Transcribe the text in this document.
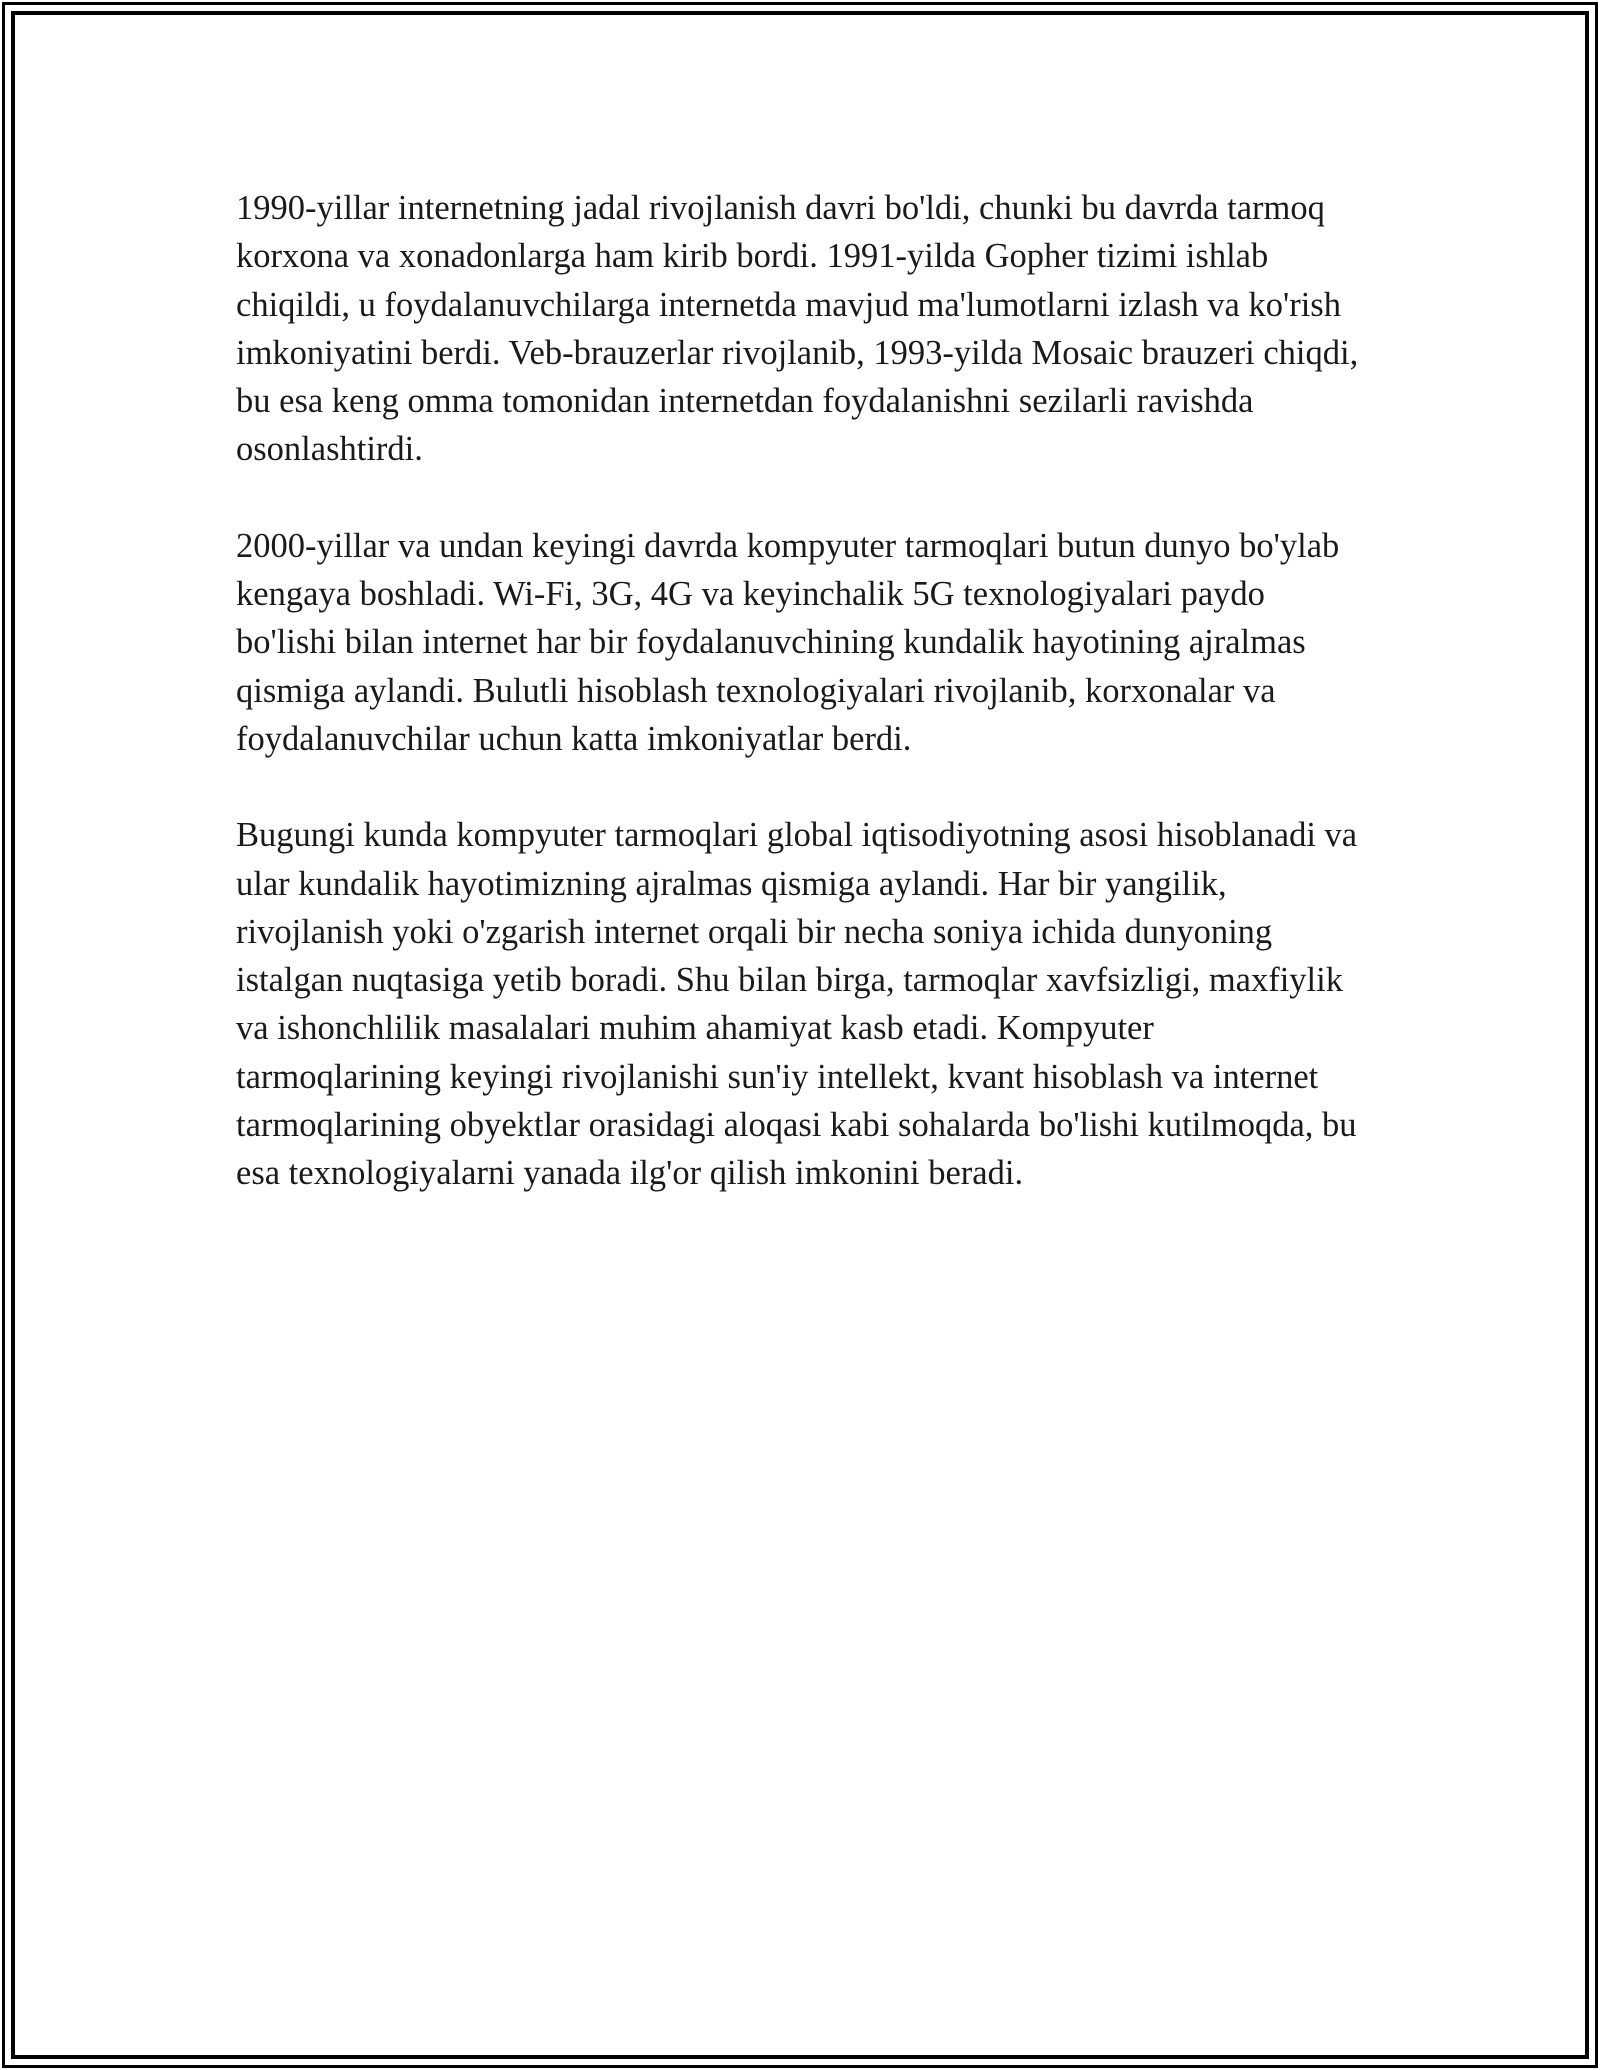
1990-yillar internetning jadal rivojlanish davri bo'ldi, chunki bu davrda tarmoq korxona va xonadonlarga ham kirib bordi. 1991-yilda Gopher tizimi ishlab chiqildi, u foydalanuvchilarga internetda mavjud ma'lumotlarni izlash va ko'rish imkoniyatini berdi. Veb-brauzerlar rivojlanib, 1993-yilda Mosaic brauzeri chiqdi, bu esa keng omma tomonidan internetdan foydalanishni sezilarli ravishda osonlashtirdi.

2000-yillar va undan keyingi davrda kompyuter tarmoqlari butun dunyo bo'ylab kengaya boshladi. Wi-Fi, 3G, 4G va keyinchalik 5G texnologiyalari paydo bo'lishi bilan internet har bir foydalanuvchining kundalik hayotining ajralmas qismiga aylandi. Bulutli hisoblash texnologiyalari rivojlanib, korxonalar va foydalanuvchilar uchun katta imkoniyatlar berdi.

Bugungi kunda kompyuter tarmoqlari global iqtisodiyotning asosi hisoblanadi va ular kundalik hayotimizning ajralmas qismiga aylandi. Har bir yangilik, rivojlanish yoki o'zgarish internet orqali bir necha soniya ichida dunyoning istalgan nuqtasiga yetib boradi. Shu bilan birga, tarmoqlar xavfsizligi, maxfiylik va ishonchlilik masalalari muhim ahamiyat kasb etadi. Kompyuter tarmoqlarining keyingi rivojlanishi sun'iy intellekt, kvant hisoblash va internet tarmoqlarining obyektlar orasidagi aloqasi kabi sohalarda bo'lishi kutilmoqda, bu esa texnologiyalarni yanada ilg'or qilish imkonini beradi.
